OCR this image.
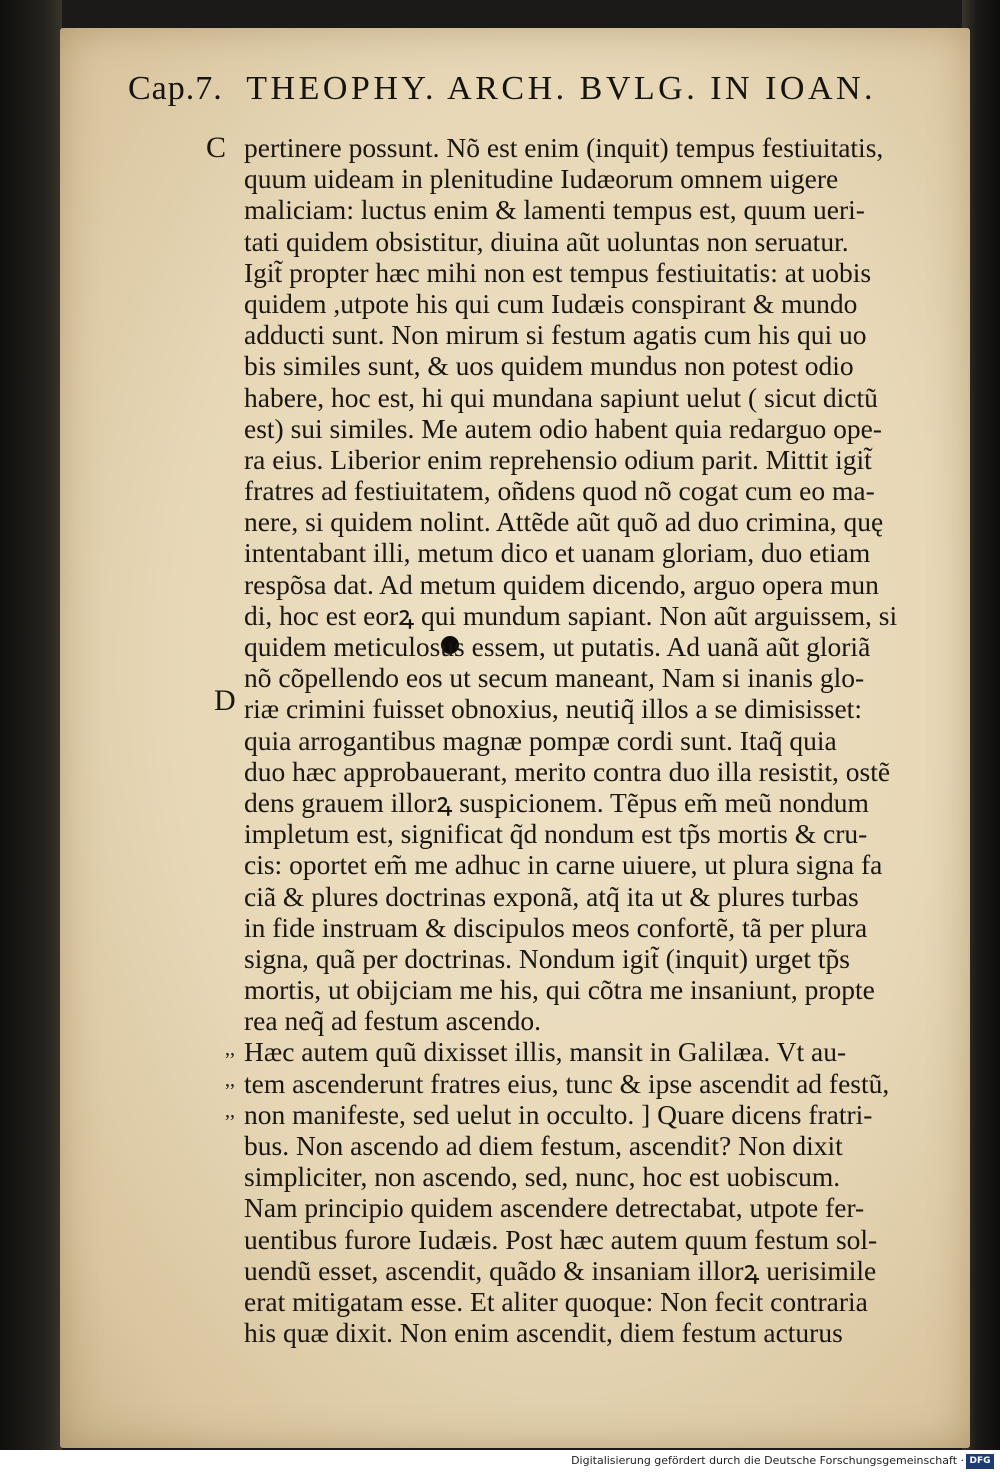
Cap.7. THEOPHY. ARCH. BVLG. IN IOAN.
C
D
,,
,,
,,
pertinere possunt. Nõ est enim (inquit) tempus festiuitatis,
quum uideam in plenitudine Iudæorum omnem uigere
maliciam: luctus enim & lamenti tempus est, quum ueri-
tati quidem obsistitur, diuina aũt uoluntas non seruatur.
Igit̃ propter hæc mihi non est tempus festiuitatis: at uobis
quidem ,utpote his qui cum Iudæis conspirant & mundo
adducti sunt. Non mirum si festum agatis cum his qui uo
bis similes sunt, & uos quidem mundus non potest odio
habere, hoc est, hi qui mundana sapiunt uelut ( sicut dictũ
est) sui similes. Me autem odio habent quia redarguo ope-
ra eius. Liberior enim reprehensio odium parit. Mittit igit̃
fratres ad festiuitatem, oñdens quod nõ cogat cum eo ma-
nere, si quidem nolint. Attẽde aũt quõ ad duo crimina, quę
intentabant illi, metum dico et uanam gloriam, duo etiam
respõsa dat. Ad metum quidem dicendo, arguo opera mun
di, hoc est eorꝝ qui mundum sapiant. Non aũt arguissem, si
quidem meticulosus essem, ut putatis. Ad uanã aũt gloriã
nõ cõpellendo eos ut secum maneant, Nam si inanis glo-
riæ crimini fuisset obnoxius, neutiq̃ illos a se dimisisset:
quia arrogantibus magnæ pompæ cordi sunt. Itaq̃ quia
duo hæc approbauerant, merito contra duo illa resistit, ostẽ
dens grauem illorꝝ suspicionem. Tẽpus em̃ meũ nondum
impletum est, significat q̃d nondum est tp̃s mortis & cru-
cis: oportet em̃ me adhuc in carne uiuere, ut plura signa fa
ciã & plures doctrinas exponã, atq̃ ita ut & plures turbas
in fide instruam & discipulos meos confortẽ, tã per plura
signa, quã per doctrinas. Nondum igit̃ (inquit) urget tp̃s
mortis, ut obijciam me his, qui cõtra me insaniunt, propte
rea neq̃ ad festum ascendo.
Hæc autem quũ dixisset illis, mansit in Galilæa. Vt au-
tem ascenderunt fratres eius, tunc & ipse ascendit ad festũ,
non manifeste, sed uelut in occulto. ] Quare dicens fratri-
bus. Non ascendo ad diem festum, ascendit? Non dixit
simpliciter, non ascendo, sed, nunc, hoc est uobiscum.
Nam principio quidem ascendere detrectabat, utpote fer-
uentibus furore Iudæis. Post hæc autem quum festum sol-
uendũ esset, ascendit, quãdo & insaniam illorꝝ uerisimile
erat mitigatam esse. Et aliter quoque: Non fecit contraria
his quæ dixit. Non enim ascendit, diem festum acturus
Digitalisierung gefördert durch die Deutsche Forschungsgemeinschaft · DFG
